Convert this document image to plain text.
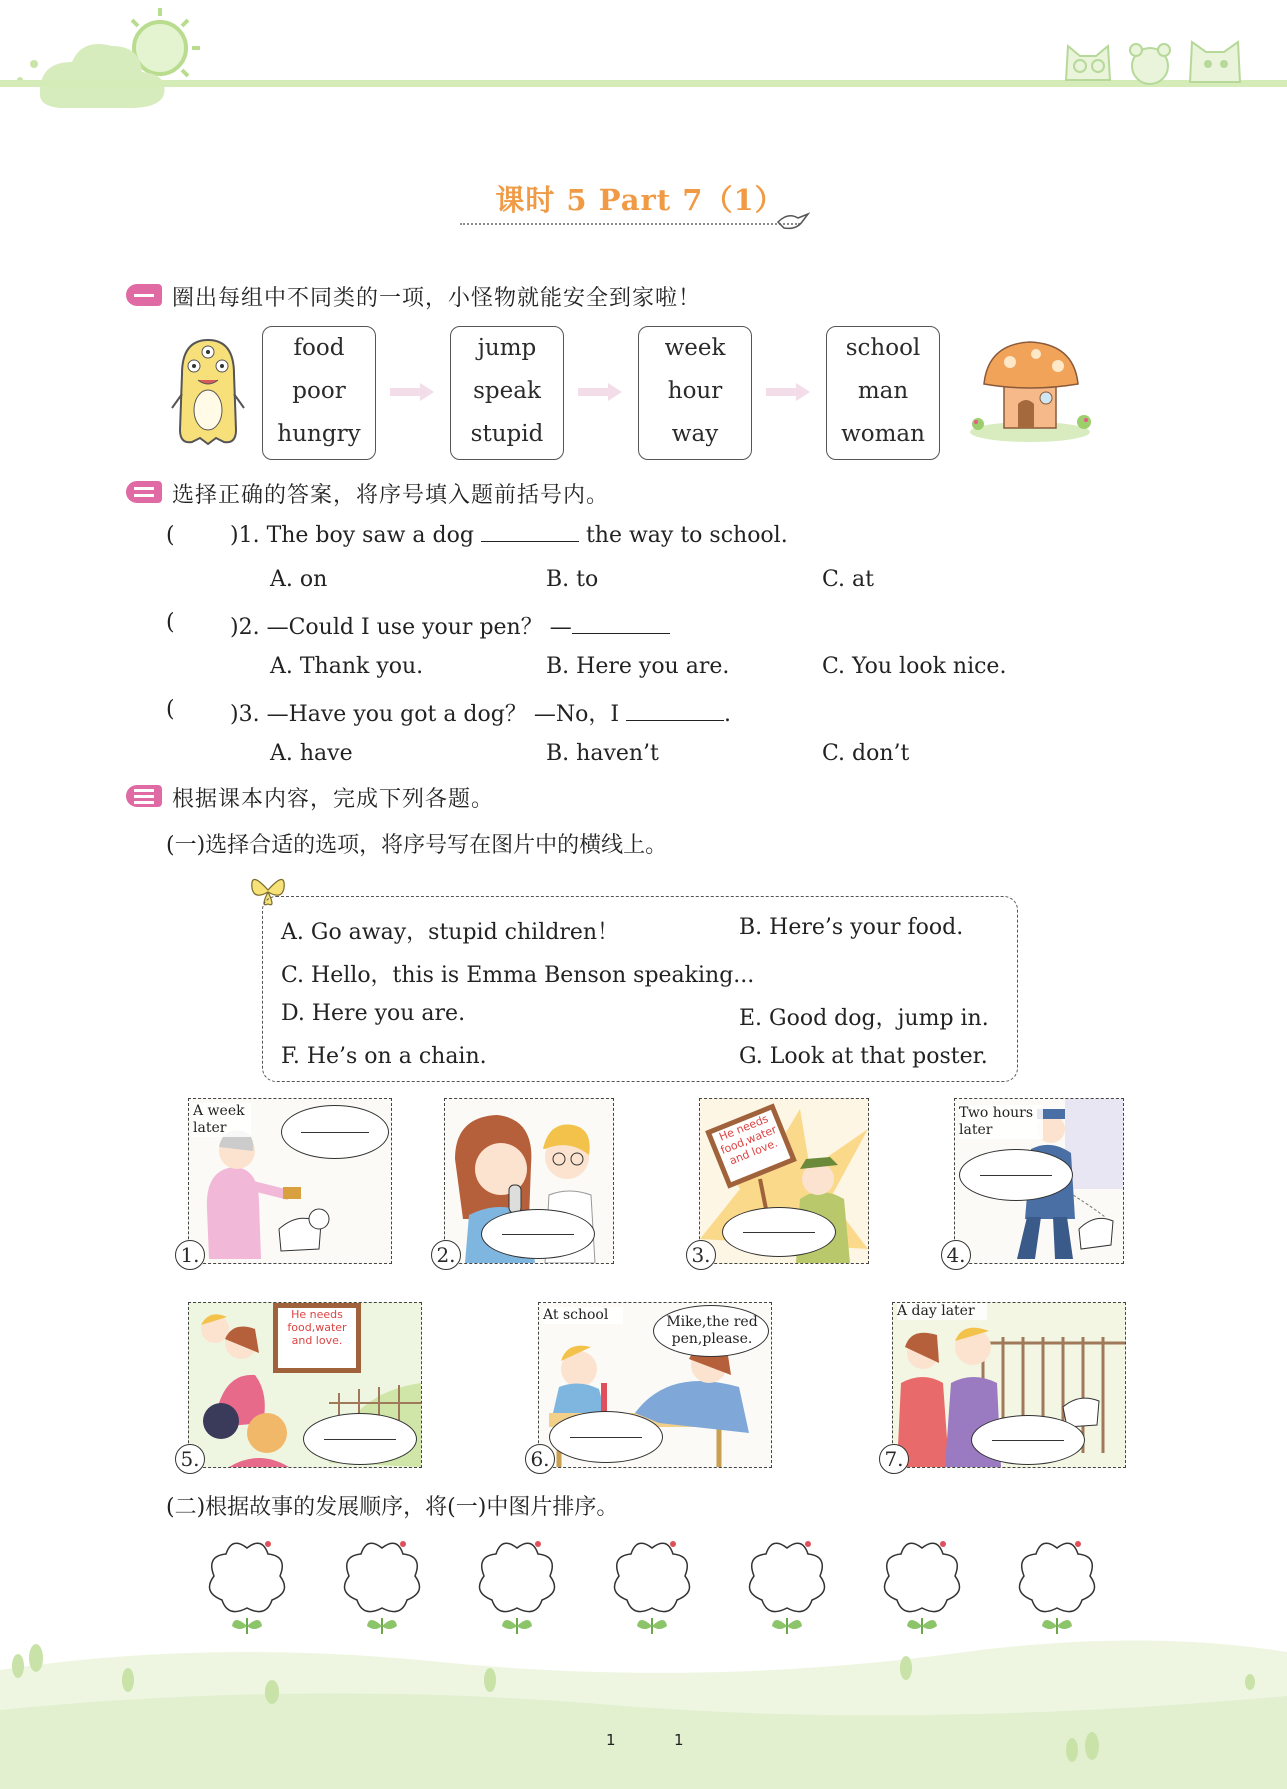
课时 5 Part 7（1）
圈出每组中不同类的一项，小怪物就能安全到家啦！
food
poor
hungry
jump
speak
stupid
week
hour
way
school
man
woman
选择正确的答案，将序号填入题前括号内。
(	)1. The boy saw a dog	the way to school.
A. on	B. to	C. at
(	)2. —Could I use your pen？ —
A. Thank you.	B. Here you are.	C. You look nice.
(	)3. —Have you got a dog？ —No，I	.
A. have	B. haven’t	C. don’t
根据课本内容，完成下列各题。
(一)选择合适的选项，将序号写在图片中的横线上。
A. Go away，stupid children！	B. Here’s your food.
C. Hello，this is Emma Benson speaking...
D. Here you are.	E. Good dog，jump in.
F. He’s on a chain.	G. Look at that poster.
A week later
1.	2.
He needs food,water and love.
3.
Two hours later
4.
He needs food,water and love.
5.
At school	Mike,the red pen,please.
6.
A day later
7.
(二)根据故事的发展顺序，将(一)中图片排序。
1	1
